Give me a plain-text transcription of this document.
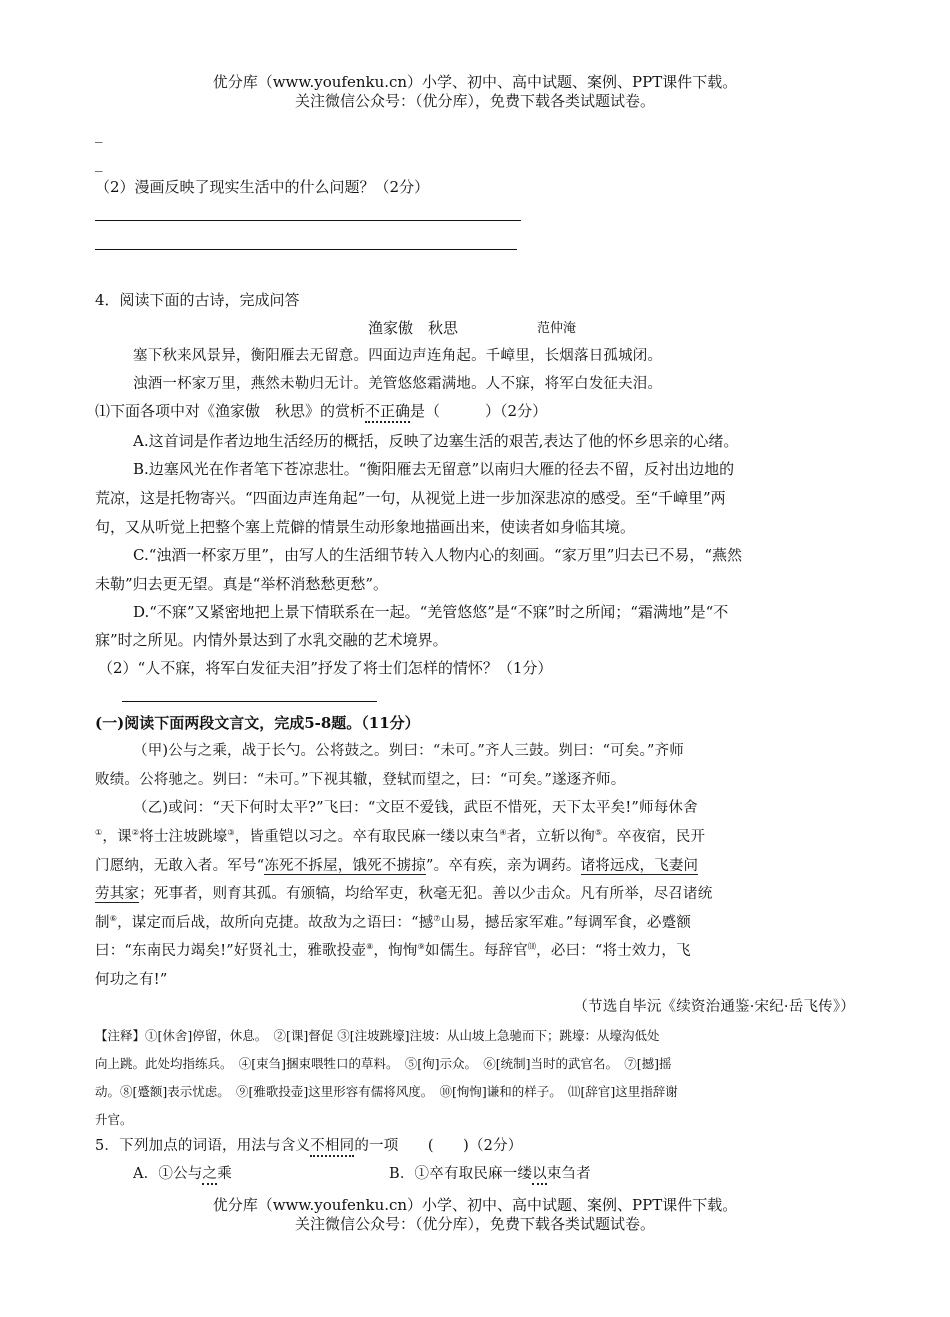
优分库（www.youfenku.cn）小学、初中、高中试题、案例、PPT课件下载。
关注微信公众号：（优分库），免费下载各类试题试卷。
_
_
（2）漫画反映了现实生活中的什么问题？（2分）
4．阅读下面的古诗，完成问答
渔家傲　秋思	范仲淹
塞下秋来风景异，衡阳雁去无留意。四面边声连角起。千嶂里，长烟落日孤城闭。
浊酒一杯家万里，燕然未勒归无计。羌管悠悠霜满地。人不寐，将军白发征夫泪。
⑴下面各项中对《渔家傲　秋思》的赏析不正确是（　　　）（2分）
A.这首词是作者边地生活经历的概括，反映了边塞生活的艰苦,表达了他的怀乡思亲的心绪。
B.边塞风光在作者笔下苍凉悲壮。“衡阳雁去无留意”以南归大雁的径去不留，反衬出边地的
荒凉，这是托物寄兴。“四面边声连角起”一句，从视觉上进一步加深悲凉的感受。至“千嶂里”两
句，又从听觉上把整个塞上荒僻的情景生动形象地描画出来，使读者如身临其境。
C.“浊酒一杯家万里”，由写人的生活细节转入人物内心的刻画。“家万里”归去已不易，“燕然
未勒”归去更无望。真是“举杯消愁愁更愁”。
D.“不寐”又紧密地把上景下情联系在一起。“羌管悠悠”是“不寐”时之所闻；“霜满地”是“不
寐”时之所见。内情外景达到了水乳交融的艺术境界。
（2）“人不寐，将军白发征夫泪”抒发了将士们怎样的情怀？（1分）
(一)阅读下面两段文言文，完成5-8题。（11分）
（甲)公与之乘，战于长勺。公将鼓之。刿曰：“未可。”齐人三鼓。刿曰：“可矣。”齐师
败绩。公将驰之。刿曰：“未可。”下视其辙，登轼而望之，曰：“可矣。”遂逐齐师。
（乙)或问：“天下何时太平?”飞曰：“文臣不爱钱，武臣不惜死，天下太平矣!”师每休舍
①，课②将士注坡跳壕③，皆重铠以习之。卒有取民麻一缕以束刍④者，立斩以徇⑤。卒夜宿，民开
门愿纳，无敢入者。军号“冻死不拆屋，饿死不掳掠”。卒有疾，亲为调药。诸将远戍，飞妻问
劳其家；死事者，则育其孤。有颁犒，均给军吏，秋毫无犯。善以少击众。凡有所举，尽召诸统
制⑥，谋定而后战，故所向克捷。故敌为之语曰：“撼⑦山易，撼岳家军难。”每调军食，必蹙额
曰：“东南民力竭矣!”好贤礼士，雅歌投壶⑧，恂恂⑨如儒生。每辞官⑽，必曰：“将士效力，飞
何功之有!”
（节选自毕沅《续资治通鉴·宋纪·岳飞传》）
【注释】①[休舍]停留，休息。　②[课]督促 ③[注坡跳壕]注坡：从山坡上急驰而下；跳壕：从壕沟低处
向上跳。此处均指练兵。　④[束刍]捆束喂牲口的草料。　⑤[徇]示众。　⑥[统制]当时的武官名。　⑦[撼]摇
动。⑧[蹙额]表示忧虑。　⑨[雅歌投壶]这里形容有儒将风度。　⑩[恂恂]谦和的样子。　⑾[辞官]这里指辞谢
升官。
5．下列加点的词语，用法与含义不相同的一项　　(　　)（2分）
A．①公与之乘	B．①卒有取民麻一缕以束刍者
优分库（www.youfenku.cn）小学、初中、高中试题、案例、PPT课件下载。
关注微信公众号：（优分库），免费下载各类试题试卷。
